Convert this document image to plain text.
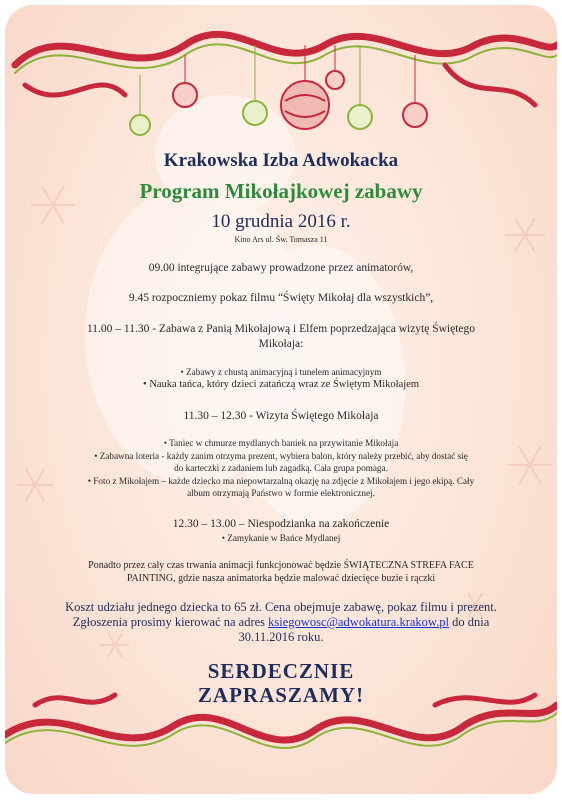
Krakowska Izba Adwokacka
Program Mikołajkowej zabawy
10 grudnia 2016 r.
Kino Ars ul. Św. Tomasza 11
09.00 integrujące zabawy prowadzone przez animatorów,
9.45 rozpoczniemy pokaz filmu “Święty Mikołaj dla wszystkich”,
11.00 – 11.30 - Zabawa z Panią Mikołajową i Elfem poprzedzająca wizytę Świętego
Mikołaja:
• Zabawy z chustą animacyjną i tunelem animacyjnym
• Nauka tańca, który dzieci zatańczą wraz ze Świętym Mikołajem
11.30 – 12.30 - Wizyta Świętego Mikołaja
• Taniec w chmurze mydlanych baniek na przywitanie Mikołaja
• Zabawna loteria - każdy zanim otrzyma prezent, wybiera balon, który należy przebić, aby dostać się
do karteczki z zadaniem lub zagadką. Cała grupa pomaga.
• Foto z Mikołajem – każde dziecko ma niepowtarzalną okazję na zdjęcie z Mikołajem i jego ekipą. Cały
album otrzymają Państwo w formie elektronicznej.
12.30 – 13.00 – Niespodzianka na zakończenie
• Zamykanie w Bańce Mydlanej
Ponadto przez cały czas trwania animacji funkcjonować będzie ŚWIĄTECZNA STREFA FACE
PAINTING, gdzie nasza animatorka będzie malować dziecięce buzie i rączki
Koszt udziału jednego dziecka to 65 zł. Cena obejmuje zabawę, pokaz filmu i prezent.
Zgłoszenia prosimy kierować na adres ksiegowosc@adwokatura.krakow.pl do dnia
30.11.2016 roku.
SERDECZNIE
ZAPRASZAMY!
